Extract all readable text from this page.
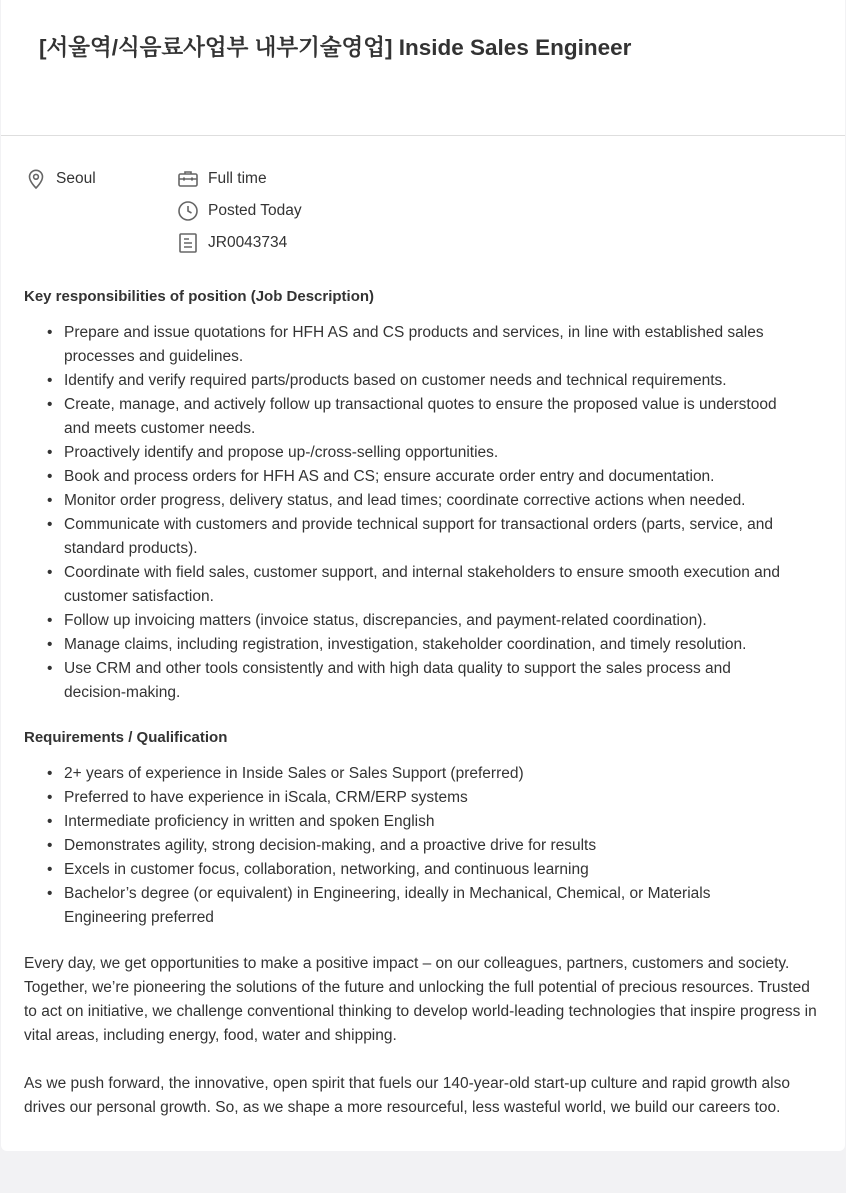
[서울역/식음료사업부 내부기술영업] Inside Sales Engineer
Seoul	Full time
Posted Today
JR0043734
Key responsibilities of position (Job Description)
• Prepare and issue quotations for HFH AS and CS products and services, in line with established sales processes and guidelines.
• Identify and verify required parts/products based on customer needs and technical requirements.
• Create, manage, and actively follow up transactional quotes to ensure the proposed value is understood and meets customer needs.
• Proactively identify and propose up-/cross-selling opportunities.
• Book and process orders for HFH AS and CS; ensure accurate order entry and documentation.
• Monitor order progress, delivery status, and lead times; coordinate corrective actions when needed.
• Communicate with customers and provide technical support for transactional orders (parts, service, and standard products).
• Coordinate with field sales, customer support, and internal stakeholders to ensure smooth execution and customer satisfaction.
• Follow up invoicing matters (invoice status, discrepancies, and payment-related coordination).
• Manage claims, including registration, investigation, stakeholder coordination, and timely resolution.
• Use CRM and other tools consistently and with high data quality to support the sales process and decision-making.
Requirements / Qualification
• 2+ years of experience in Inside Sales or Sales Support (preferred)
• Preferred to have experience in iScala, CRM/ERP systems
• Intermediate proficiency in written and spoken English
• Demonstrates agility, strong decision-making, and a proactive drive for results
• Excels in customer focus, collaboration, networking, and continuous learning
• Bachelor’s degree (or equivalent) in Engineering, ideally in Mechanical, Chemical, or Materials Engineering preferred

Every day, we get opportunities to make a positive impact – on our colleagues, partners, customers and society. Together, we’re pioneering the solutions of the future and unlocking the full potential of precious resources. Trusted to act on initiative, we challenge conventional thinking to develop world-leading technologies that inspire progress in vital areas, including energy, food, water and shipping.

As we push forward, the innovative, open spirit that fuels our 140-year-old start-up culture and rapid growth also drives our personal growth. So, as we shape a more resourceful, less wasteful world, we build our careers too.
